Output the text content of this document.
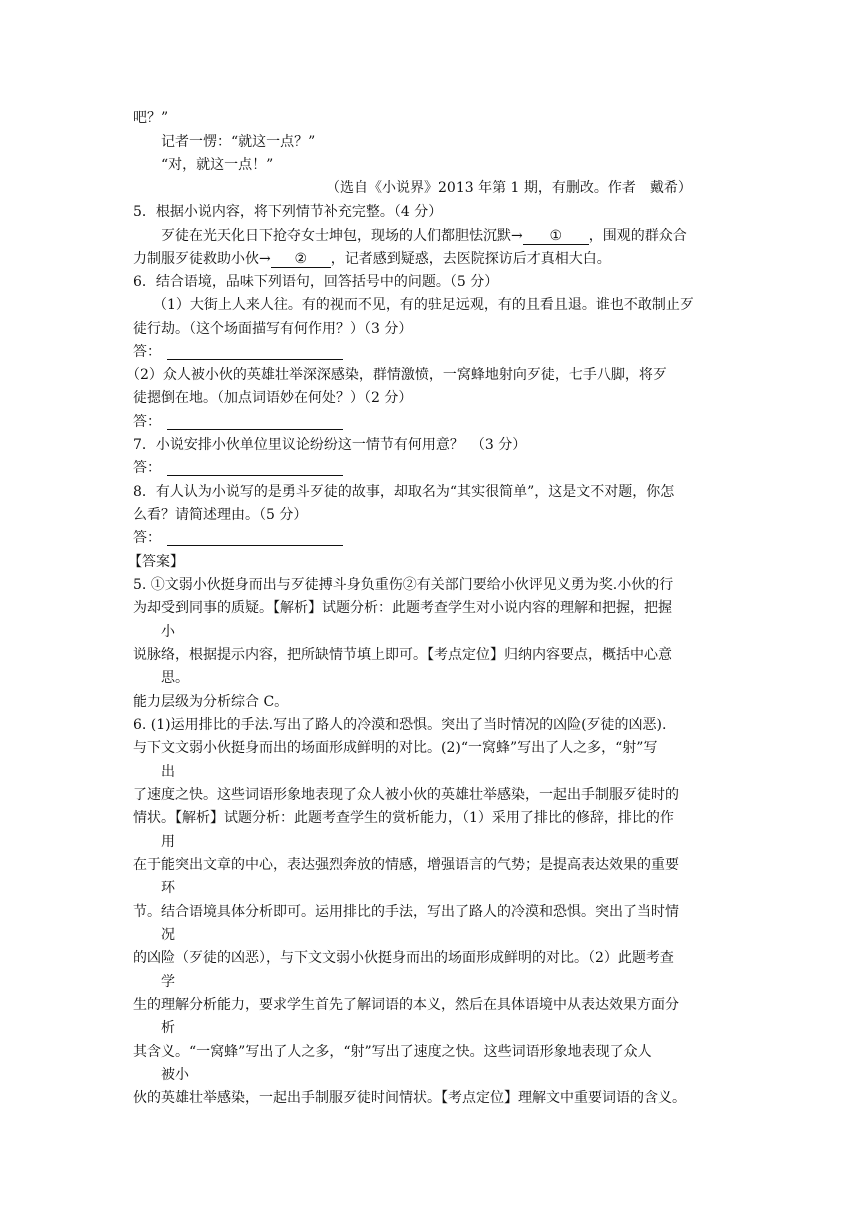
吧？”
记者一愣：“就这一点？”
“对，就这一点！”
（选自《小说界》2013 年第 1 期，有删改。作者　戴希）
5．根据小说内容，将下列情节补充完整。（4 分）
歹徒在光天化日下抢夺女士坤包，现场的人们都胆怯沉默→ ① ，围观的群众合
力制服歹徒救助小伙→ ② ，记者感到疑惑，去医院探访后才真相大白。
6．结合语境，品味下列语句，回答括号中的问题。（5 分）
（1）大街上人来人往。有的视而不见，有的驻足远观，有的且看且退。谁也不敢制止歹
徒行劫。（这个场面描写有何作用？）（3 分）
答：
（2）众人被小伙的英雄壮举深深感染，群情激愤，一窝蜂地射向歹徒，七手八脚，将歹
徒摁倒在地。（加点词语妙在何处？）（2 分）
答：
7．小说安排小伙单位里议论纷纷这一情节有何用意？　（3 分）
答：
8．有人认为小说写的是勇斗歹徒的故事，却取名为“其实很简单”，这是文不对题，你怎
么看？请简述理由。（5 分）
答：
【答案】
5. ①文弱小伙挺身而出与歹徒搏斗身负重伤②有关部门要给小伙评见义勇为奖.小伙的行
为却受到同事的质疑。【解析】试题分析：此题考查学生对小说内容的理解和把握，把握
小
说脉络，根据提示内容，把所缺情节填上即可。【考点定位】归纳内容要点，概括中心意
思。
能力层级为分析综合 C。
6. (1)运用排比的手法.写出了路人的冷漠和恐惧。突出了当时情况的凶险(歹徒的凶恶).
与下文文弱小伙挺身而出的场面形成鲜明的对比。(2)“一窝蜂”写出了人之多，“射”写
出
了速度之快。这些词语形象地表现了众人被小伙的英雄壮举感染，一起出手制服歹徒时的
情状。【解析】试题分析：此题考查学生的赏析能力，（1）采用了排比的修辞，排比的作
用
在于能突出文章的中心，表达强烈奔放的情感，增强语言的气势；是提高表达效果的重要
环
节。结合语境具体分析即可。运用排比的手法，写出了路人的冷漠和恐惧。突出了当时情
况
的凶险（歹徒的凶恶），与下文文弱小伙挺身而出的场面形成鲜明的对比。（2）此题考查
学
生的理解分析能力，要求学生首先了解词语的本义，然后在具体语境中从表达效果方面分
析
其含义。“一窝蜂”写出了人之多，“射”写出了速度之快。这些词语形象地表现了众人
被小
伙的英雄壮举感染，一起出手制服歹徒时间情状。【考点定位】理解文中重要词语的含义。
